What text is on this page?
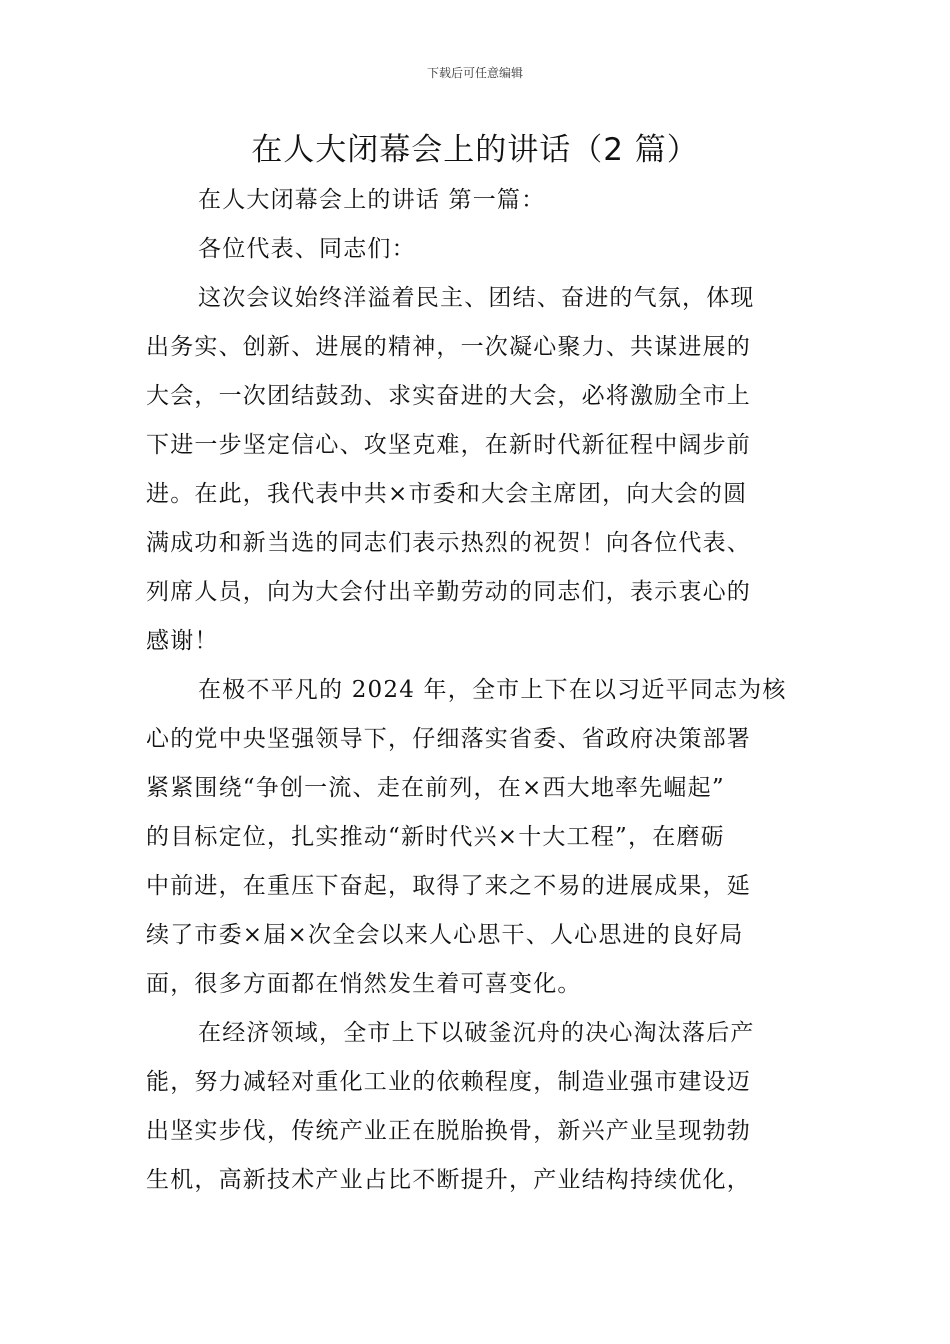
下载后可任意编辑
在人大闭幕会上的讲话（2 篇）

在人大闭幕会上的讲话 第一篇：

各位代表、同志们：

这次会议始终洋溢着民主、团结、奋进的气氛，体现

出务实、创新、进展的精神，一次凝心聚力、共谋进展的

大会，一次团结鼓劲、求实奋进的大会，必将激励全市上

下进一步坚定信心、攻坚克难，在新时代新征程中阔步前

进。在此，我代表中共×市委和大会主席团，向大会的圆

满成功和新当选的同志们表示热烈的祝贺！向各位代表、

列席人员，向为大会付出辛勤劳动的同志们，表示衷心的

感谢！

在极不平凡的 2024 年，全市上下在以习近平同志为核

心的党中央坚强领导下，仔细落实省委、省政府决策部署

紧紧围绕“争创一流、走在前列，在×西大地率先崛起”

的目标定位，扎实推动“新时代兴×十大工程”，在磨砺

中前进，在重压下奋起，取得了来之不易的进展成果，延

续了市委×届×次全会以来人心思干、人心思进的良好局

面，很多方面都在悄然发生着可喜变化。

在经济领域，全市上下以破釜沉舟的决心淘汰落后产

能，努力减轻对重化工业的依赖程度，制造业强市建设迈

出坚实步伐，传统产业正在脱胎换骨，新兴产业呈现勃勃

生机，高新技术产业占比不断提升，产业结构持续优化，
